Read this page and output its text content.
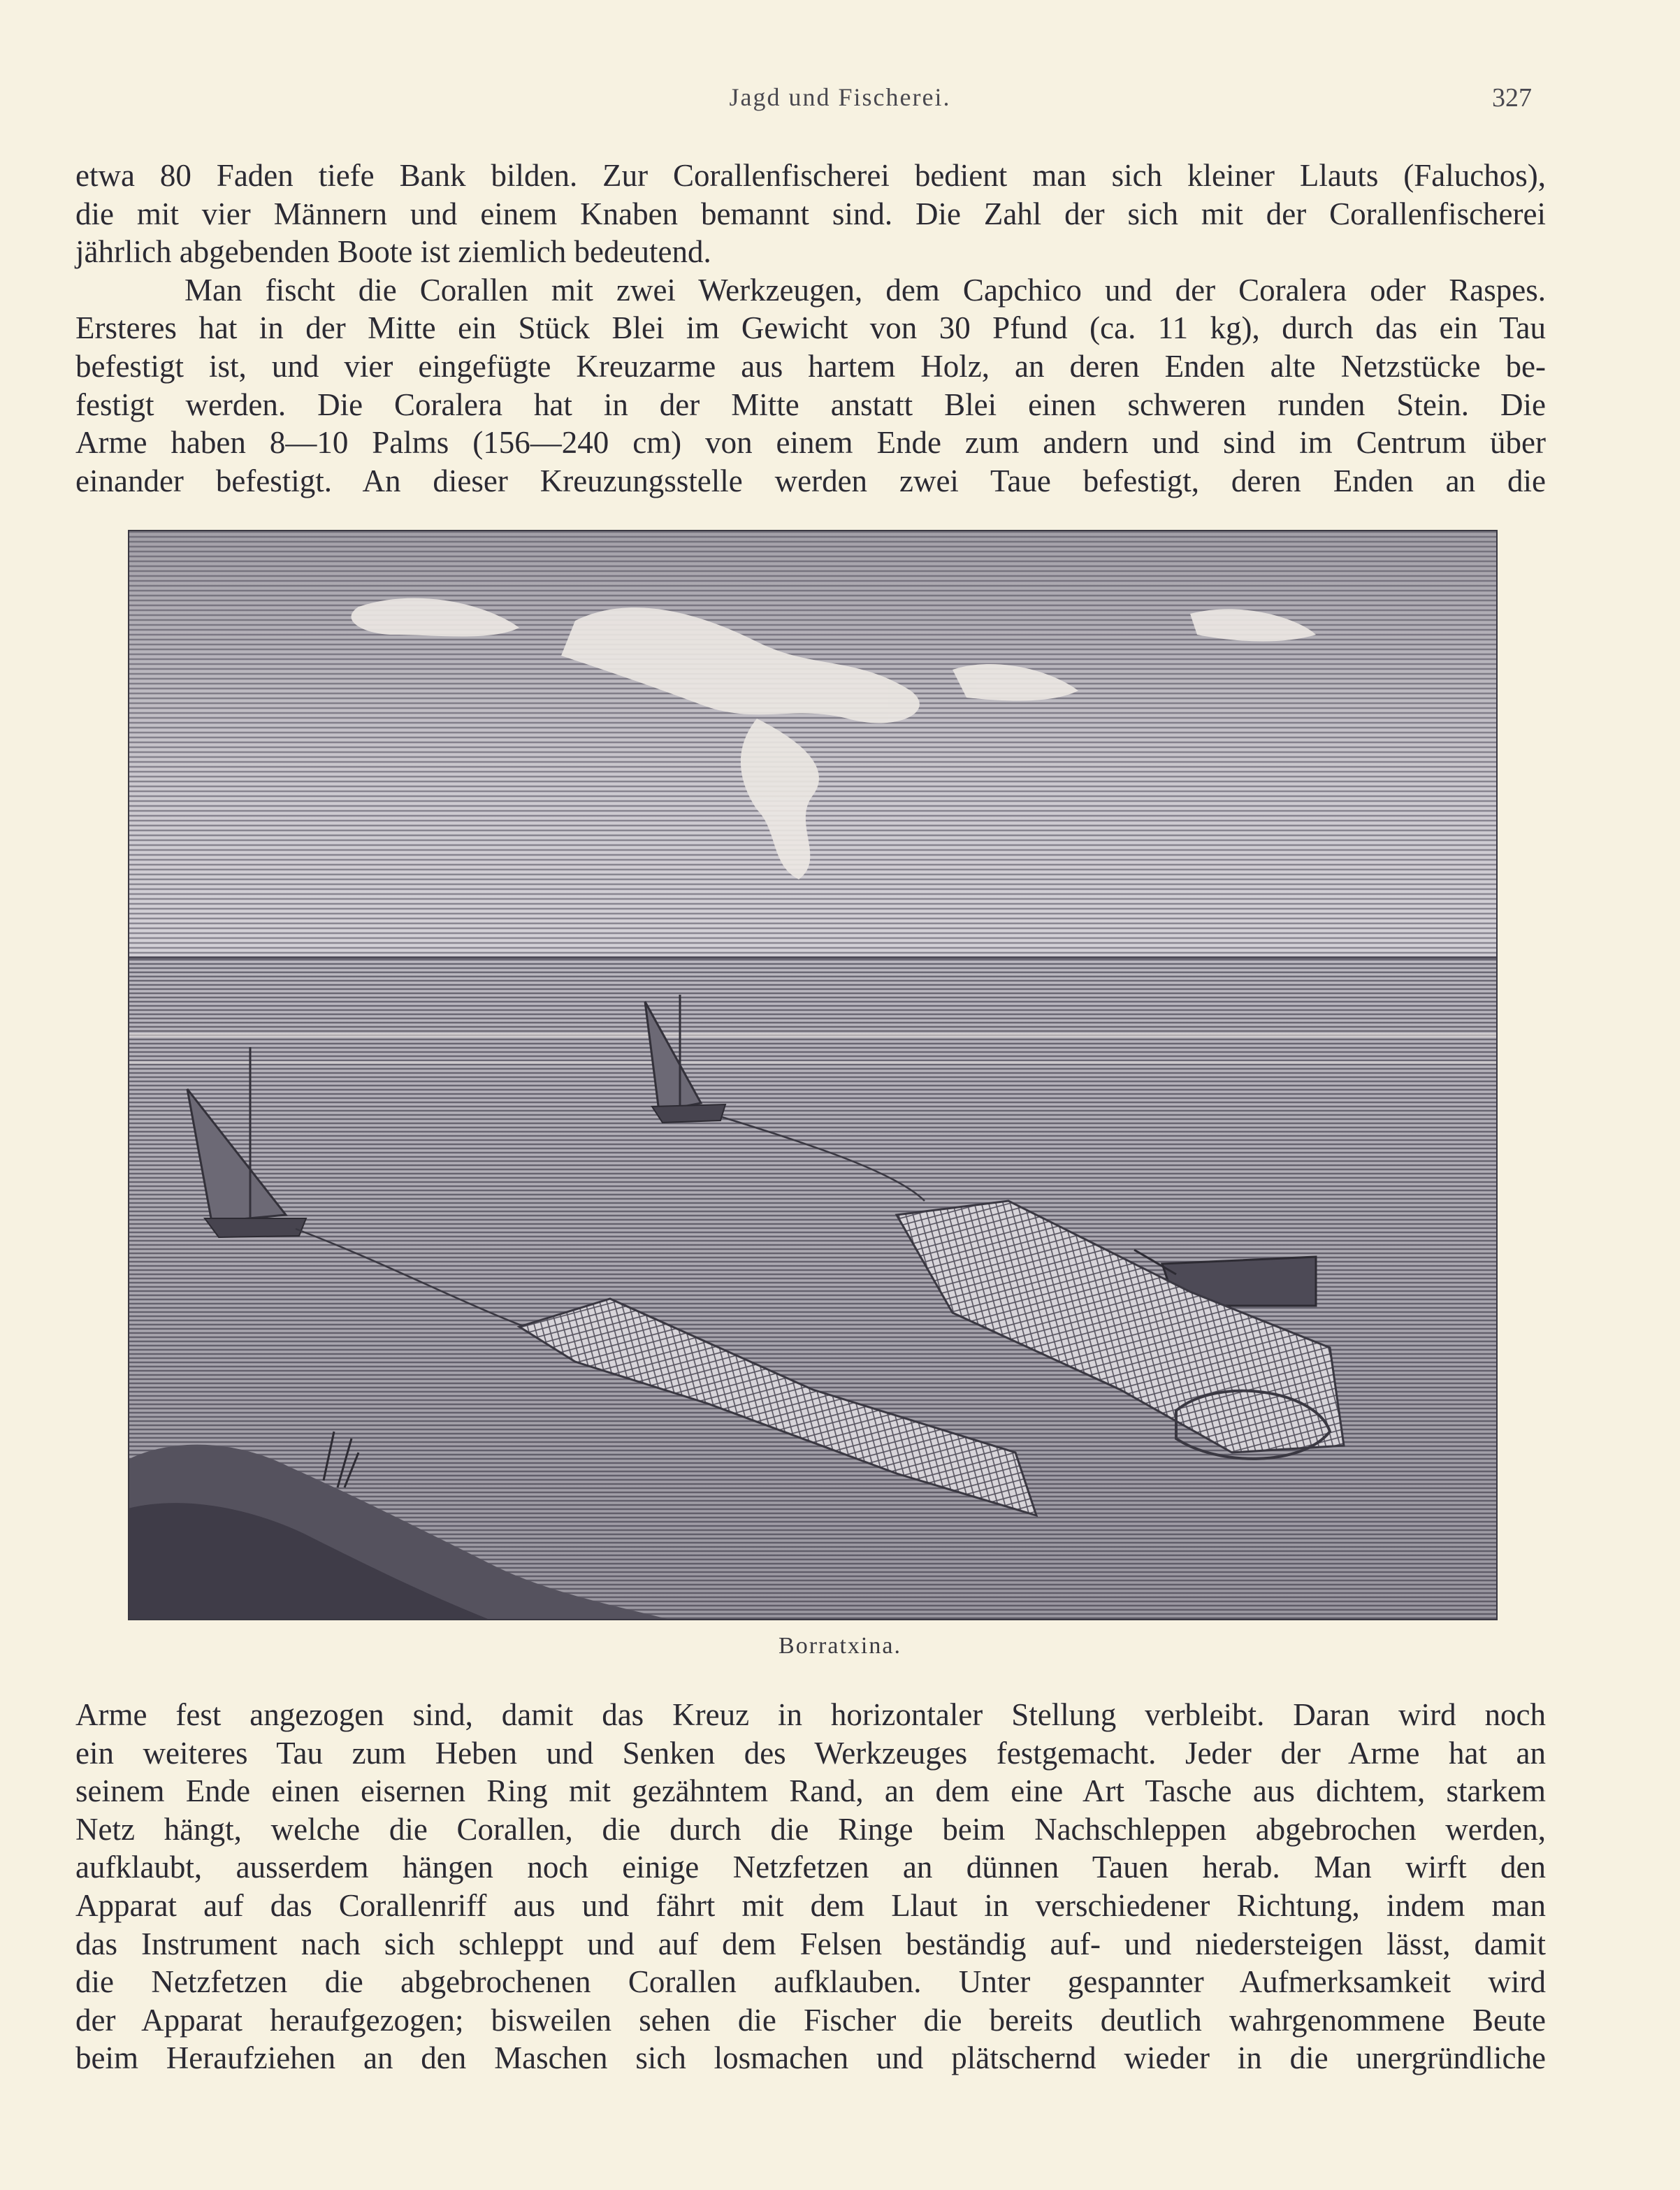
Jagd und Fischerei.	327

etwa 80 Faden tiefe Bank bilden. Zur Corallenfischerei bedient man sich kleiner Llauts (Faluchos),

die mit vier Männern und einem Knaben bemannt sind. Die Zahl der sich mit der Corallenfischerei

jährlich abgebenden Boote ist ziemlich bedeutend.

Man fischt die Corallen mit zwei Werkzeugen, dem Capchico und der Coralera oder Raspes.

Ersteres hat in der Mitte ein Stück Blei im Gewicht von 30 Pfund (ca. 11 kg), durch das ein Tau

befestigt ist, und vier eingefügte Kreuzarme aus hartem Holz, an deren Enden alte Netzstücke be-

festigt werden. Die Coralera hat in der Mitte anstatt Blei einen schweren runden Stein. Die

Arme haben 8—10 Palms (156—240 cm) von einem Ende zum andern und sind im Centrum über

einander befestigt. An dieser Kreuzungsstelle werden zwei Taue befestigt, deren Enden an die

Borratxina.

Arme fest angezogen sind, damit das Kreuz in horizontaler Stellung verbleibt. Daran wird noch

ein weiteres Tau zum Heben und Senken des Werkzeuges festgemacht. Jeder der Arme hat an

seinem Ende einen eisernen Ring mit gezähntem Rand, an dem eine Art Tasche aus dichtem, starkem

Netz hängt, welche die Corallen, die durch die Ringe beim Nachschleppen abgebrochen werden,

aufklaubt, ausserdem hängen noch einige Netzfetzen an dünnen Tauen herab. Man wirft den

Apparat auf das Corallenriff aus und fährt mit dem Llaut in verschiedener Richtung, indem man

das Instrument nach sich schleppt und auf dem Felsen beständig auf- und niedersteigen lässt, damit

die Netzfetzen die abgebrochenen Corallen aufklauben. Unter gespannter Aufmerksamkeit wird

der Apparat heraufgezogen; bisweilen sehen die Fischer die bereits deutlich wahrgenommene Beute

beim Heraufziehen an den Maschen sich losmachen und plätschernd wieder in die unergründliche
